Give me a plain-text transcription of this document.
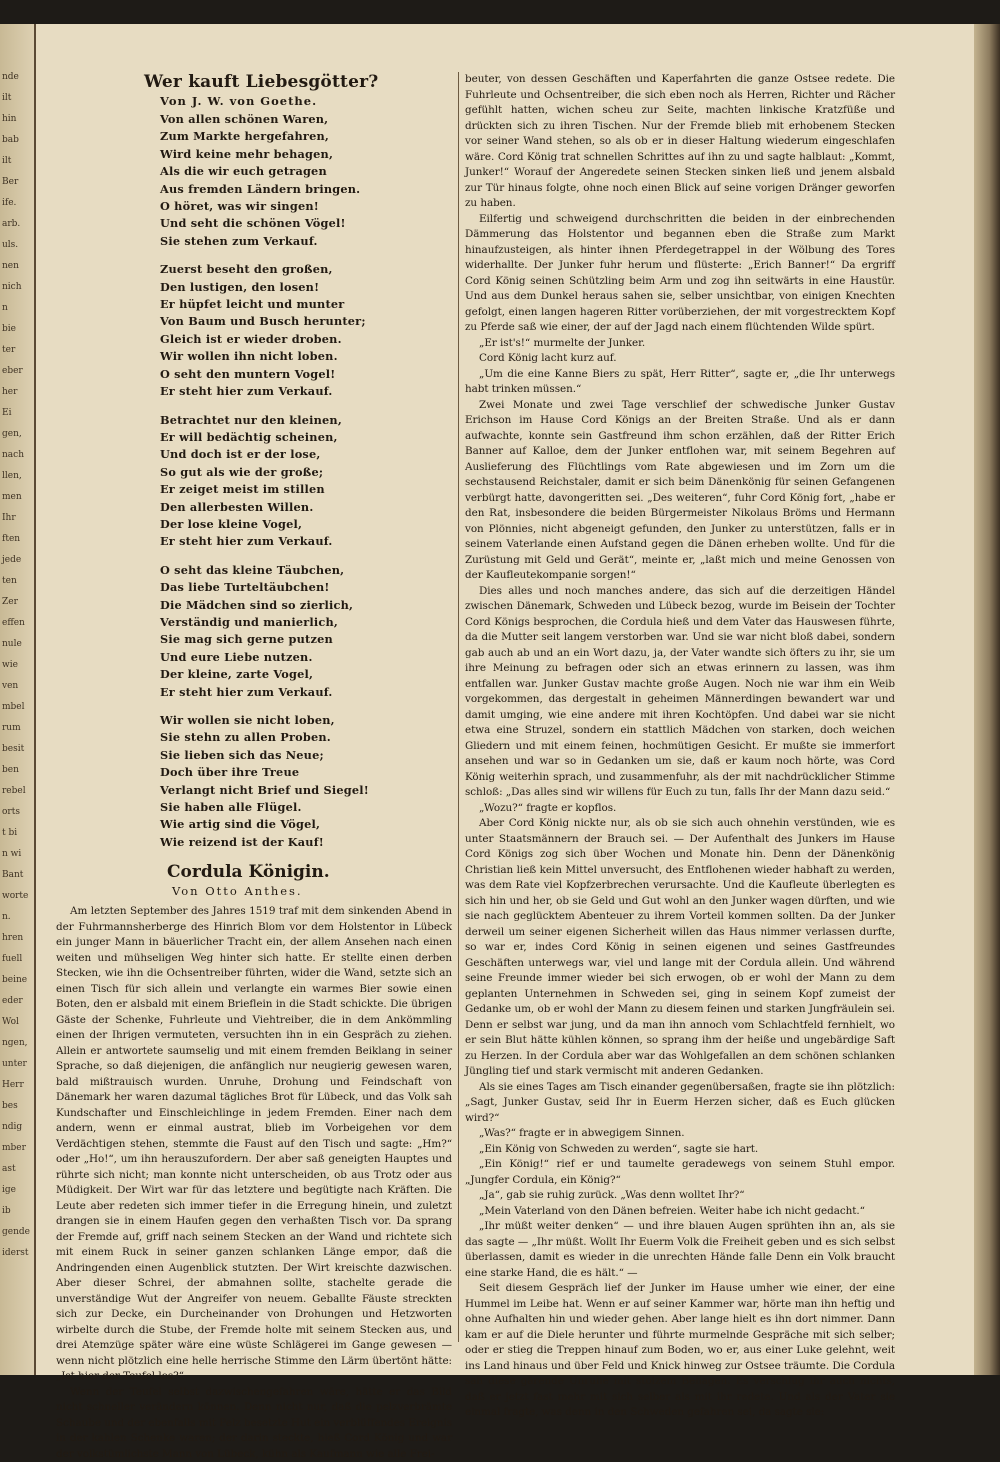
nde
ilt
hin
bab
ilt
Ber
ife.
arb.
uls.
nen
nich
n
bie
ter
eber
her
Ei
gen,
nach
llen,
men
Ihr
ften
jede
ten
Zer
effen
nule
wie
ven
mbel
rum
besit
ben
rebel
orts
t bi
n wi
Bant
worte
n.
hren
fuell
beine
eder
Wol
ngen,
unter
Herr
bes
ndig
mber
ast
ige
ib
gende
iderst
Wer kauft Liebesgötter?
Von J. W. von Goethe.
Von allen schönen Waren,
Zum Markte hergefahren,
Wird keine mehr behagen,
Als die wir euch getragen
Aus fremden Ländern bringen.
O höret, was wir singen!
Und seht die schönen Vögel!
Sie stehen zum Verkauf.
Zuerst beseht den großen,
Den lustigen, den losen!
Er hüpfet leicht und munter
Von Baum und Busch herunter;
Gleich ist er wieder droben.
Wir wollen ihn nicht loben.
O seht den muntern Vogel!
Er steht hier zum Verkauf.
Betrachtet nur den kleinen,
Er will bedächtig scheinen,
Und doch ist er der lose,
So gut als wie der große;
Er zeiget meist im stillen
Den allerbesten Willen.
Der lose kleine Vogel,
Er steht hier zum Verkauf.
O seht das kleine Täubchen,
Das liebe Turteltäubchen!
Die Mädchen sind so zierlich,
Verständig und manierlich,
Sie mag sich gerne putzen
Und eure Liebe nutzen.
Der kleine, zarte Vogel,
Er steht hier zum Verkauf.
Wir wollen sie nicht loben,
Sie stehn zu allen Proben.
Sie lieben sich das Neue;
Doch über ihre Treue
Verlangt nicht Brief und Siegel!
Sie haben alle Flügel.
Wie artig sind die Vögel,
Wie reizend ist der Kauf!
Cordula Königin.
Von Otto Anthes.

Am letzten September des Jahres 1519 traf mit dem sinkenden Abend in der Fuhrmannsherberge des Hinrich Blom vor dem Holstentor in Lübeck ein junger Mann in bäuerlicher Tracht ein, der allem Ansehen nach einen weiten und mühseligen Weg hinter sich hatte. Er stellte einen derben Stecken, wie ihn die Ochsentreiber führten, wider die Wand, setzte sich an einen Tisch für sich allein und verlangte ein warmes Bier sowie einen Boten, den er alsbald mit einem Brieflein in die Stadt schickte. Die übrigen Gäste der Schenke, Fuhrleute und Viehtreiber, die in dem Ankömmling einen der Ihrigen vermuteten, versuchten ihn in ein Gespräch zu ziehen. Allein er antwortete saumselig und mit einem fremden Beiklang in seiner Sprache, so daß diejenigen, die anfänglich nur neugierig gewesen waren, bald mißtrauisch wurden. Unruhe, Drohung und Feindschaft von Dänemark her waren dazumal tägliches Brot für Lübeck, und das Volk sah Kundschafter und Einschleichlinge in jedem Fremden. Einer nach dem andern, wenn er einmal austrat, blieb im Vorbeigehen vor dem Verdächtigen stehen, stemmte die Faust auf den Tisch und sagte: „Hm?“ oder „Ho!“, um ihn herauszufordern. Der aber saß geneigten Hauptes und rührte sich nicht; man konnte nicht unterscheiden, ob aus Trotz oder aus Müdigkeit. Der Wirt war für das letztere und begütigte nach Kräften. Die Leute aber redeten sich immer tiefer in die Erregung hinein, und zuletzt drangen sie in einem Haufen gegen den verhaßten Tisch vor. Da sprang der Fremde auf, griff nach seinem Stecken an der Wand und richtete sich mit einem Ruck in seiner ganzen schlanken Länge empor, daß die Andringenden einen Augenblick stutzten. Der Wirt kreischte dazwischen. Aber dieser Schrei, der abmahnen sollte, stachelte gerade die unverständige Wut der Angreifer von neuem. Geballte Fäuste streckten sich zur Decke, ein Durcheinander von Drohungen und Hetzworten wirbelte durch die Stube, der Fremde holte mit seinem Stecken aus, und drei Atemzüge später wäre eine wüste Schlägerei im Gange gewesen — wenn nicht plötzlich eine helle herrische Stimme den Lärm übertönt hätte: „Ist hier der Teufel los?“

Wenn der Teufel selbst dazwischengefahren wäre, hätte er das Bild nicht schneller verändern können. Denn nicht nur, daß die pelzverbrämte Schaube und der ebenfalls mit Pelz besetzte Hut ein verblüffendes Ereignis in der kahlen Schenke waren; der darin steckte, hieß Cord König und war der volkstümlichste Mann von Lübeck, kühn als Kaufmann wie alle Frei-

beuter, von dessen Geschäften und Kaperfahrten die ganze Ostsee redete. Die Fuhrleute und Ochsentreiber, die sich eben noch als Herren, Richter und Rächer gefühlt hatten, wichen scheu zur Seite, machten linkische Kratzfüße und drückten sich zu ihren Tischen. Nur der Fremde blieb mit erhobenem Stecken vor seiner Wand stehen, so als ob er in dieser Haltung wiederum eingeschlafen wäre. Cord König trat schnellen Schrittes auf ihn zu und sagte halblaut: „Kommt, Junker!“ Worauf der Angeredete seinen Stecken sinken ließ und jenem alsbald zur Tür hinaus folgte, ohne noch einen Blick auf seine vorigen Dränger geworfen zu haben.

Eilfertig und schweigend durchschritten die beiden in der einbrechenden Dämmerung das Holstentor und begannen eben die Straße zum Markt hinaufzusteigen, als hinter ihnen Pferdegetrappel in der Wölbung des Tores widerhallte. Der Junker fuhr herum und flüsterte: „Erich Banner!“ Da ergriff Cord König seinen Schützling beim Arm und zog ihn seitwärts in eine Haustür. Und aus dem Dunkel heraus sahen sie, selber unsichtbar, von einigen Knechten gefolgt, einen langen hageren Ritter vorüberziehen, der mit vorgestrecktem Kopf zu Pferde saß wie einer, der auf der Jagd nach einem flüchtenden Wilde spürt.

„Er ist's!“ murmelte der Junker.

Cord König lacht kurz auf.

„Um die eine Kanne Biers zu spät, Herr Ritter“, sagte er, „die Ihr unterwegs habt trinken müssen.“

Zwei Monate und zwei Tage verschlief der schwedische Junker Gustav Erichson im Hause Cord Königs an der Breiten Straße. Und als er dann aufwachte, konnte sein Gastfreund ihm schon erzählen, daß der Ritter Erich Banner auf Kalloe, dem der Junker entflohen war, mit seinem Begehren auf Auslieferung des Flüchtlings vom Rate abgewiesen und im Zorn um die sechstausend Reichstaler, damit er sich beim Dänenkönig für seinen Gefangenen verbürgt hatte, davongeritten sei. „Des weiteren“, fuhr Cord König fort, „habe er den Rat, insbesondere die beiden Bürgermeister Nikolaus Bröms und Hermann von Plönnies, nicht abgeneigt gefunden, den Junker zu unterstützen, falls er in seinem Vaterlande einen Aufstand gegen die Dänen erheben wollte. Und für die Zurüstung mit Geld und Gerät“, meinte er, „laßt mich und meine Genossen von der Kaufleutekompanie sorgen!“

Dies alles und noch manches andere, das sich auf die derzeitigen Händel zwischen Dänemark, Schweden und Lübeck bezog, wurde im Beisein der Tochter Cord Königs besprochen, die Cordula hieß und dem Vater das Hauswesen führte, da die Mutter seit langem verstorben war. Und sie war nicht bloß dabei, sondern gab auch ab und an ein Wort dazu, ja, der Vater wandte sich öfters zu ihr, sie um ihre Meinung zu befragen oder sich an etwas erinnern zu lassen, was ihm entfallen war. Junker Gustav machte große Augen. Noch nie war ihm ein Weib vorgekommen, das dergestalt in geheimen Männerdingen bewandert war und damit umging, wie eine andere mit ihren Kochtöpfen. Und dabei war sie nicht etwa eine Struzel, sondern ein stattlich Mädchen von starken, doch weichen Gliedern und mit einem feinen, hochmütigen Gesicht. Er mußte sie immerfort ansehen und war so in Gedanken um sie, daß er kaum noch hörte, was Cord König weiterhin sprach, und zusammenfuhr, als der mit nachdrücklicher Stimme schloß: „Das alles sind wir willens für Euch zu tun, falls Ihr der Mann dazu seid.“

„Wozu?“ fragte er kopflos.

Aber Cord König nickte nur, als ob sie sich auch ohnehin verstünden, wie es unter Staatsmännern der Brauch sei. — Der Aufenthalt des Junkers im Hause Cord Königs zog sich über Wochen und Monate hin. Denn der Dänenkönig Christian ließ kein Mittel unversucht, des Entflohenen wieder habhaft zu werden, was dem Rate viel Kopfzerbrechen verursachte. Und die Kaufleute überlegten es sich hin und her, ob sie Geld und Gut wohl an den Junker wagen dürften, und wie sie nach geglücktem Abenteuer zu ihrem Vorteil kommen sollten. Da der Junker derweil um seiner eigenen Sicherheit willen das Haus nimmer verlassen durfte, so war er, indes Cord König in seinen eigenen und seines Gastfreundes Geschäften unterwegs war, viel und lange mit der Cordula allein. Und während seine Freunde immer wieder bei sich erwogen, ob er wohl der Mann zu dem geplanten Unternehmen in Schweden sei, ging in seinem Kopf zumeist der Gedanke um, ob er wohl der Mann zu diesem feinen und starken Jungfräulein sei. Denn er selbst war jung, und da man ihn annoch vom Schlachtfeld fernhielt, wo er sein Blut hätte kühlen können, so sprang ihm der heiße und ungebärdige Saft zu Herzen. In der Cordula aber war das Wohlgefallen an dem schönen schlanken Jüngling tief und stark vermischt mit anderen Gedanken.

Als sie eines Tages am Tisch einander gegenübersaßen, fragte sie ihn plötzlich: „Sagt, Junker Gustav, seid Ihr in Euerm Herzen sicher, daß es Euch glücken wird?“

„Was?“ fragte er in abwegigem Sinnen.

„Ein König von Schweden zu werden“, sagte sie hart.

„Ein König!“ rief er und taumelte geradewegs von seinem Stuhl empor. „Jungfer Cordula, ein König?“

„Ja“, gab sie ruhig zurück. „Was denn wolltet Ihr?“

„Mein Vaterland von den Dänen befreien. Weiter habe ich nicht gedacht.“

„Ihr müßt weiter denken“ — und ihre blauen Augen sprühten ihn an, als sie das sagte — „Ihr müßt. Wollt Ihr Euerm Volk die Freiheit geben und es sich selbst überlassen, damit es wieder in die unrechten Hände falle Denn ein Volk braucht eine starke Hand, die es hält.“ —

Seit diesem Gespräch lief der Junker im Hause umher wie einer, der eine Hummel im Leibe hat. Wenn er auf seiner Kammer war, hörte man ihn heftig und ohne Aufhalten hin und wieder gehen. Aber lange hielt es ihn dort nimmer. Dann kam er auf die Diele herunter und führte murmelnde Gespräche mit sich selber; oder er stieg die Treppen hinauf zum Boden, wo er, aus einer Luke gelehnt, weit ins Land hinaus und über Feld und Knick hinweg zur Ostsee träumte. Die Cordula sah diese gärende Unruhe mit stolzem Behagen. Es verschlug ihr auch nichts, daß er jetzt fast mehr mit sich selber als mit ihr redete. Und als der Vater sie einmal fragte, was denn in den Schweden gefahren sei, da sagte sie:
